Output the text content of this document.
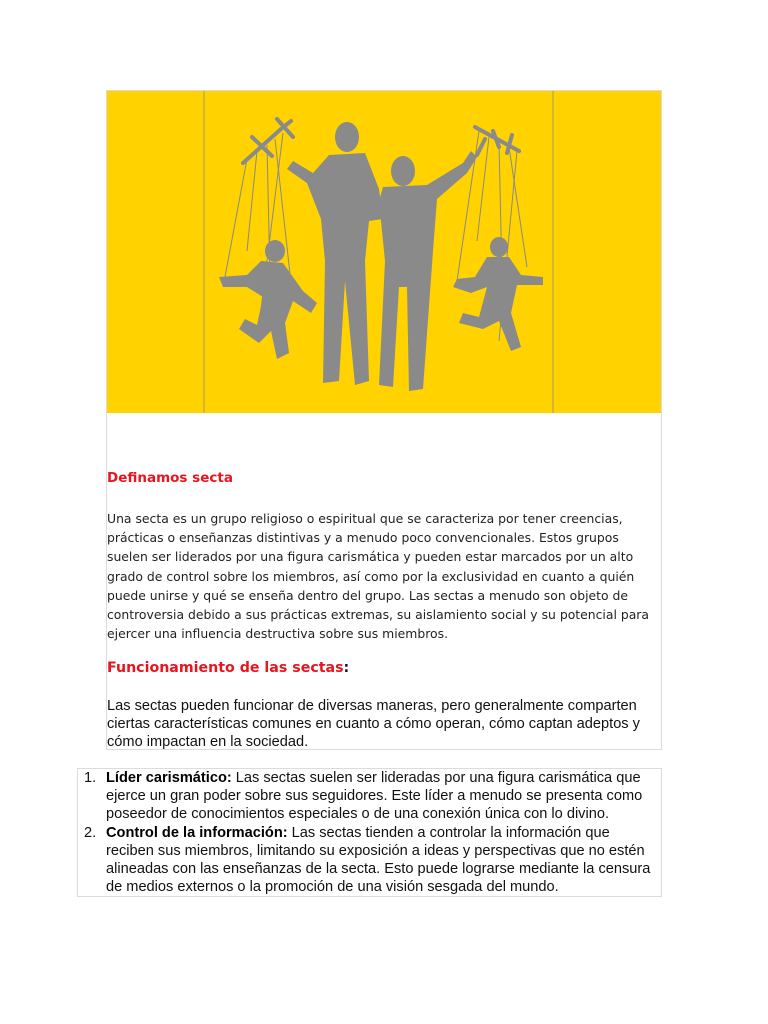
Definamos secta

Una secta es un grupo religioso o espiritual que se caracteriza por tener creencias, prácticas o enseñanzas distintivas y a menudo poco convencionales. Estos grupos suelen ser liderados por una figura carismática y pueden estar marcados por un alto grado de control sobre los miembros, así como por la exclusividad en cuanto a quién puede unirse y qué se enseña dentro del grupo. Las sectas a menudo son objeto de controversia debido a sus prácticas extremas, su aislamiento social y su potencial para ejercer una influencia destructiva sobre sus miembros.

Funcionamiento de las sectas:

Las sectas pueden funcionar de diversas maneras, pero generalmente comparten ciertas características comunes en cuanto a cómo operan, cómo captan adeptos y cómo impactan en la sociedad.

1. Líder carismático: Las sectas suelen ser lideradas por una figura carismática que ejerce un gran poder sobre sus seguidores. Este líder a menudo se presenta como poseedor de conocimientos especiales o de una conexión única con lo divino.
2. Control de la información: Las sectas tienden a controlar la información que reciben sus miembros, limitando su exposición a ideas y perspectivas que no estén alineadas con las enseñanzas de la secta. Esto puede lograrse mediante la censura de medios externos o la promoción de una visión sesgada del mundo.
